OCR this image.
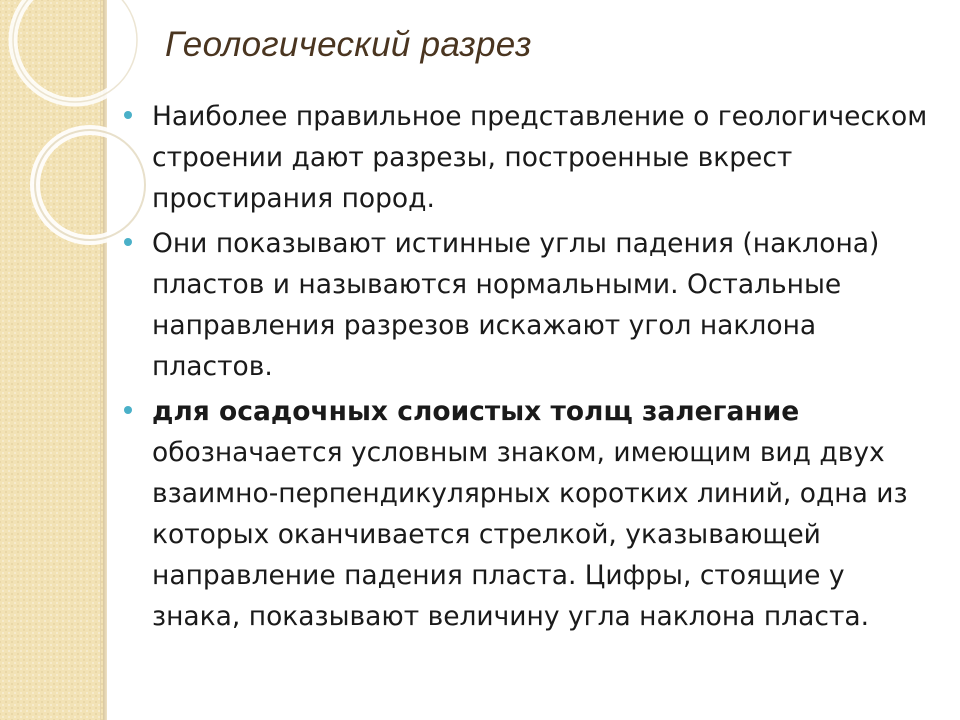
Геологический разрез
Наиболее правильное представление о геологическом строении дают разрезы, построенные вкрест простирания пород.
Они показывают истинные углы падения (наклона) пластов и называются нормальными. Остальные направления разрезов искажают угол наклона пластов.
для осадочных слоистых толщ залегание обозначается условным знаком, имеющим вид двух взаимно-перпендикулярных коротких линий, одна из которых оканчивается стрелкой, указывающей направление падения пласта. Цифры, стоящие у знака, показывают величину угла наклона пласта.
